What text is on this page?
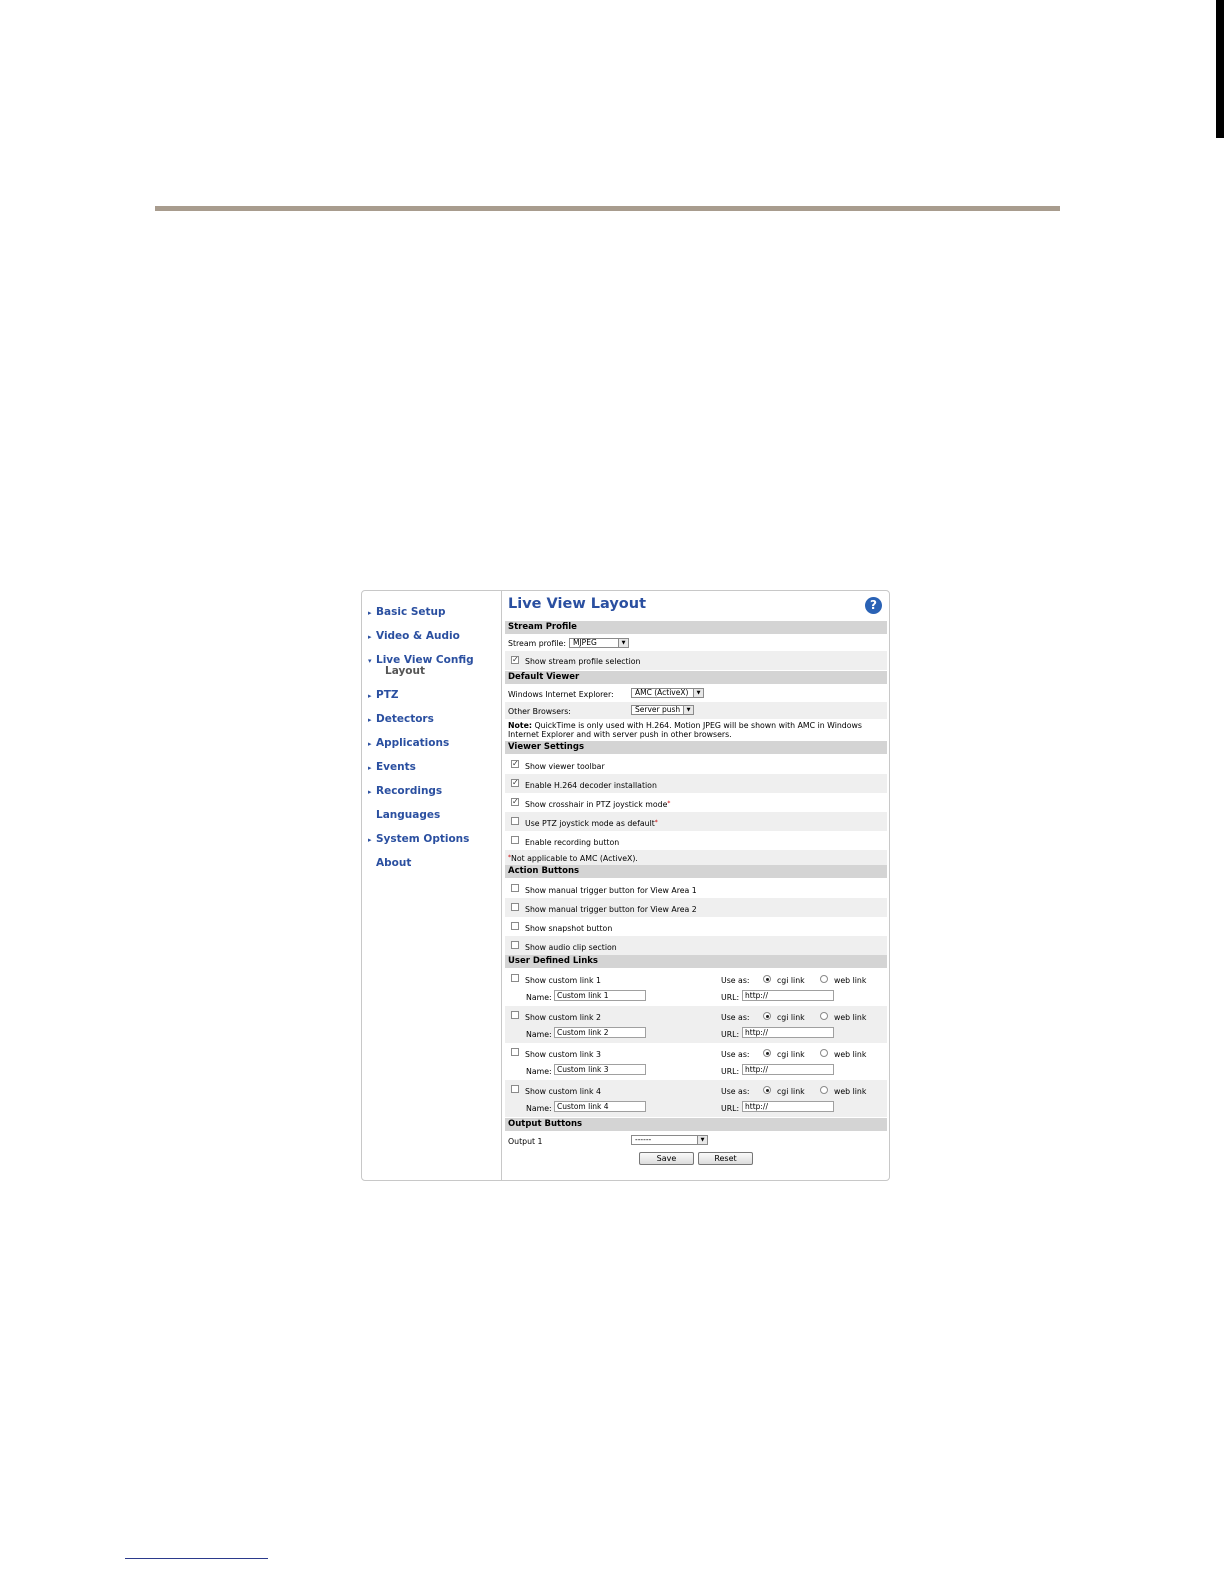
▸ Basic Setup
▸ Video & Audio
▾ Live View Config
Layout
▸ PTZ
▸ Detectors
▸ Applications
▸ Events
▸ Recordings
Languages
▸ System Options
About
Live View Layout	?
Stream Profile
Stream profile: MJPEG	▼
✓ Show stream profile selection
Default Viewer
Windows Internet Explorer:	AMC (ActiveX)	▼
Other Browsers:	Server push	▼
Note: QuickTime is only used with H.264. Motion JPEG will be shown with AMC in Windows
Internet Explorer and with server push in other browsers.
Viewer Settings
✓ Show viewer toolbar
✓ Enable H.264 decoder installation
✓ Show crosshair in PTZ joystick mode*
Use PTZ joystick mode as default*
Enable recording button
*Not applicable to AMC (ActiveX).
Action Buttons
Show manual trigger button for View Area 1
Show manual trigger button for View Area 2
Show snapshot button
Show audio clip section
User Defined Links
Show custom link 1	Use as:	cgi link	web link
Name: Custom link 1	URL: http://
Show custom link 2	Use as:	cgi link	web link
Name: Custom link 2	URL: http://
Show custom link 3	Use as:	cgi link	web link
Name: Custom link 3	URL: http://
Show custom link 4	Use as:	cgi link	web link
Name: Custom link 4	URL: http://
Output Buttons
Output 1	------	▼
Save	Reset
